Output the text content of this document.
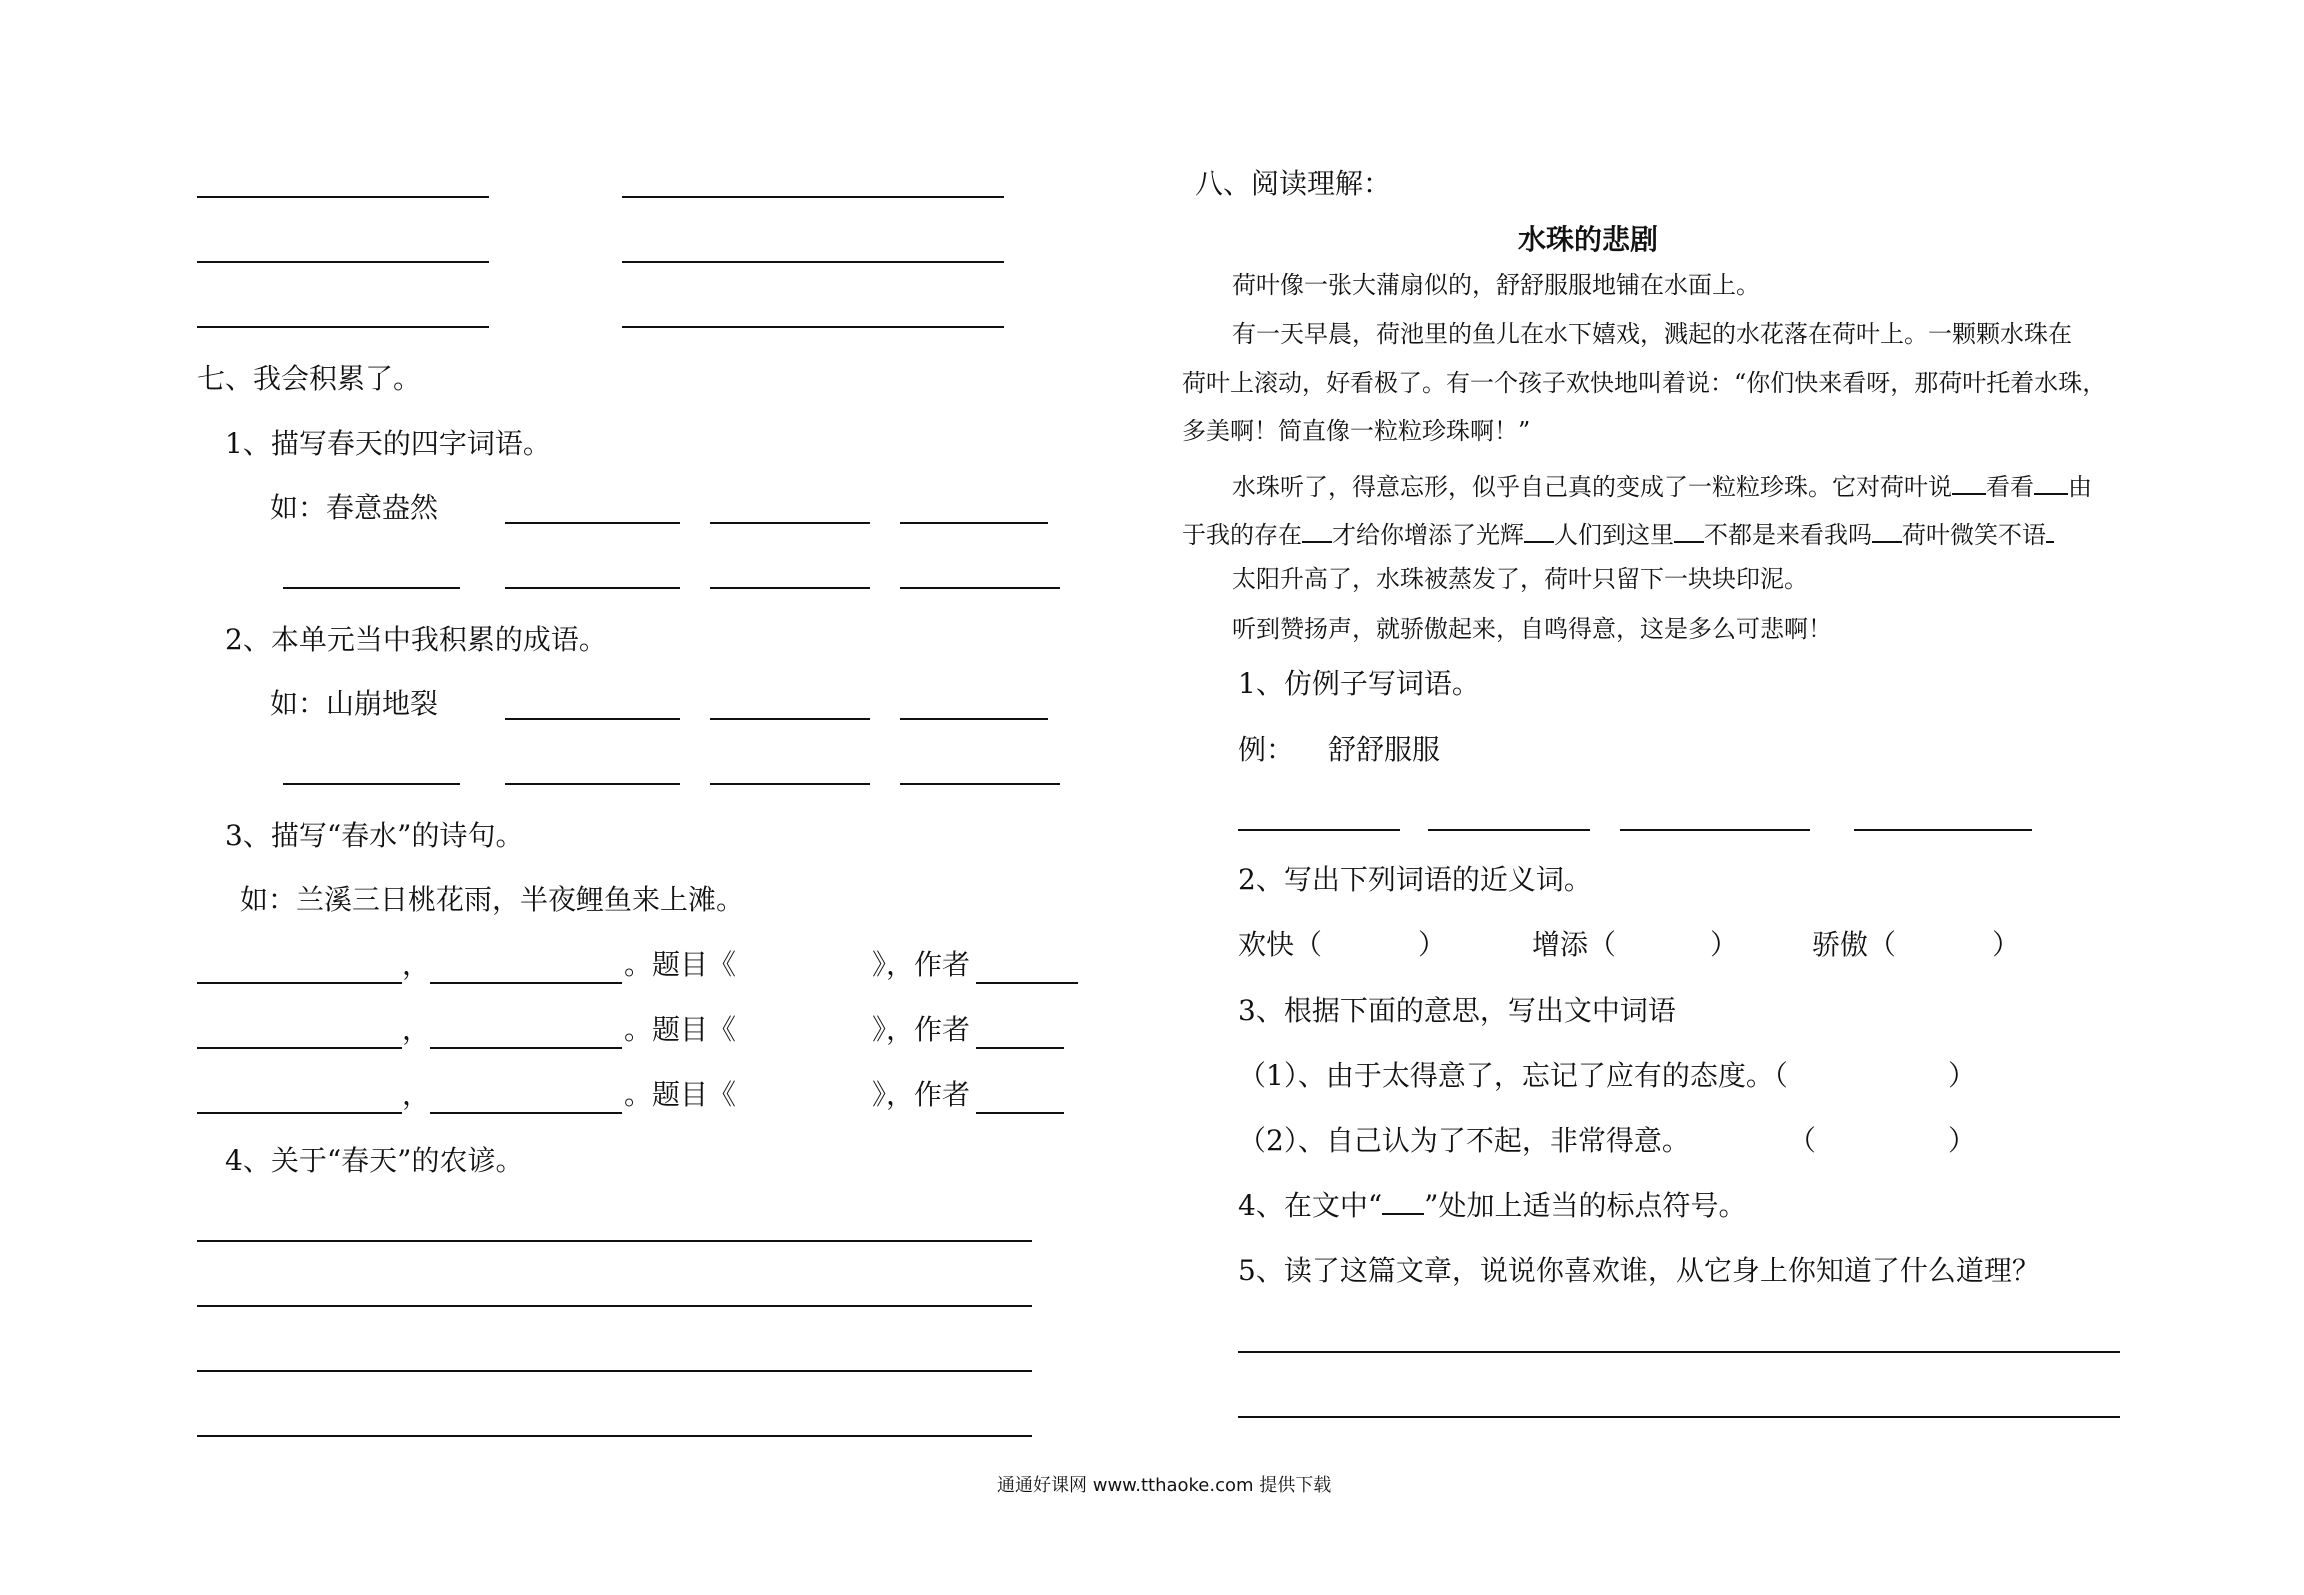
七、我会积累了。
1、描写春天的四字词语。
如：春意盎然
2、本单元当中我积累的成语。
如：山崩地裂
3、描写“春水”的诗句。
如：兰溪三日桃花雨，半夜鲤鱼来上滩。
，	。题目《	》，作者
，	。题目《	》，作者
，	。题目《	》，作者
4、关于“春天”的农谚。
八、阅读理解：
水珠的悲剧
荷叶像一张大蒲扇似的，舒舒服服地铺在水面上。
有一天早晨，荷池里的鱼儿在水下嬉戏，溅起的水花落在荷叶上。一颗颗水珠在
荷叶上滚动，好看极了。有一个孩子欢快地叫着说：“你们快来看呀，那荷叶托着水珠，
多美啊！简直像一粒粒珍珠啊！”
水珠听了，得意忘形，似乎自己真的变成了一粒粒珍珠。它对荷叶说 看看 由
于我的存在 才给你增添了光辉 人们到这里 不都是来看我吗 荷叶微笑不语
太阳升高了，水珠被蒸发了，荷叶只留下一块块印泥。
听到赞扬声，就骄傲起来，自鸣得意，这是多么可悲啊！
1、仿例子写词语。
例： 舒舒服服
2、写出下列词语的近义词。
欢快（	）	增添（	）	骄傲（	）
3、根据下面的意思，写出文中词语
（1）、由于太得意了，忘记了应有的态度。（	）
（2）、自己认为了不起，非常得意。	（	）
4、在文中“ ”处加上适当的标点符号。
5、读了这篇文章，说说你喜欢谁，从它身上你知道了什么道理？
通通好课网 www.tthaoke.com 提供下载
